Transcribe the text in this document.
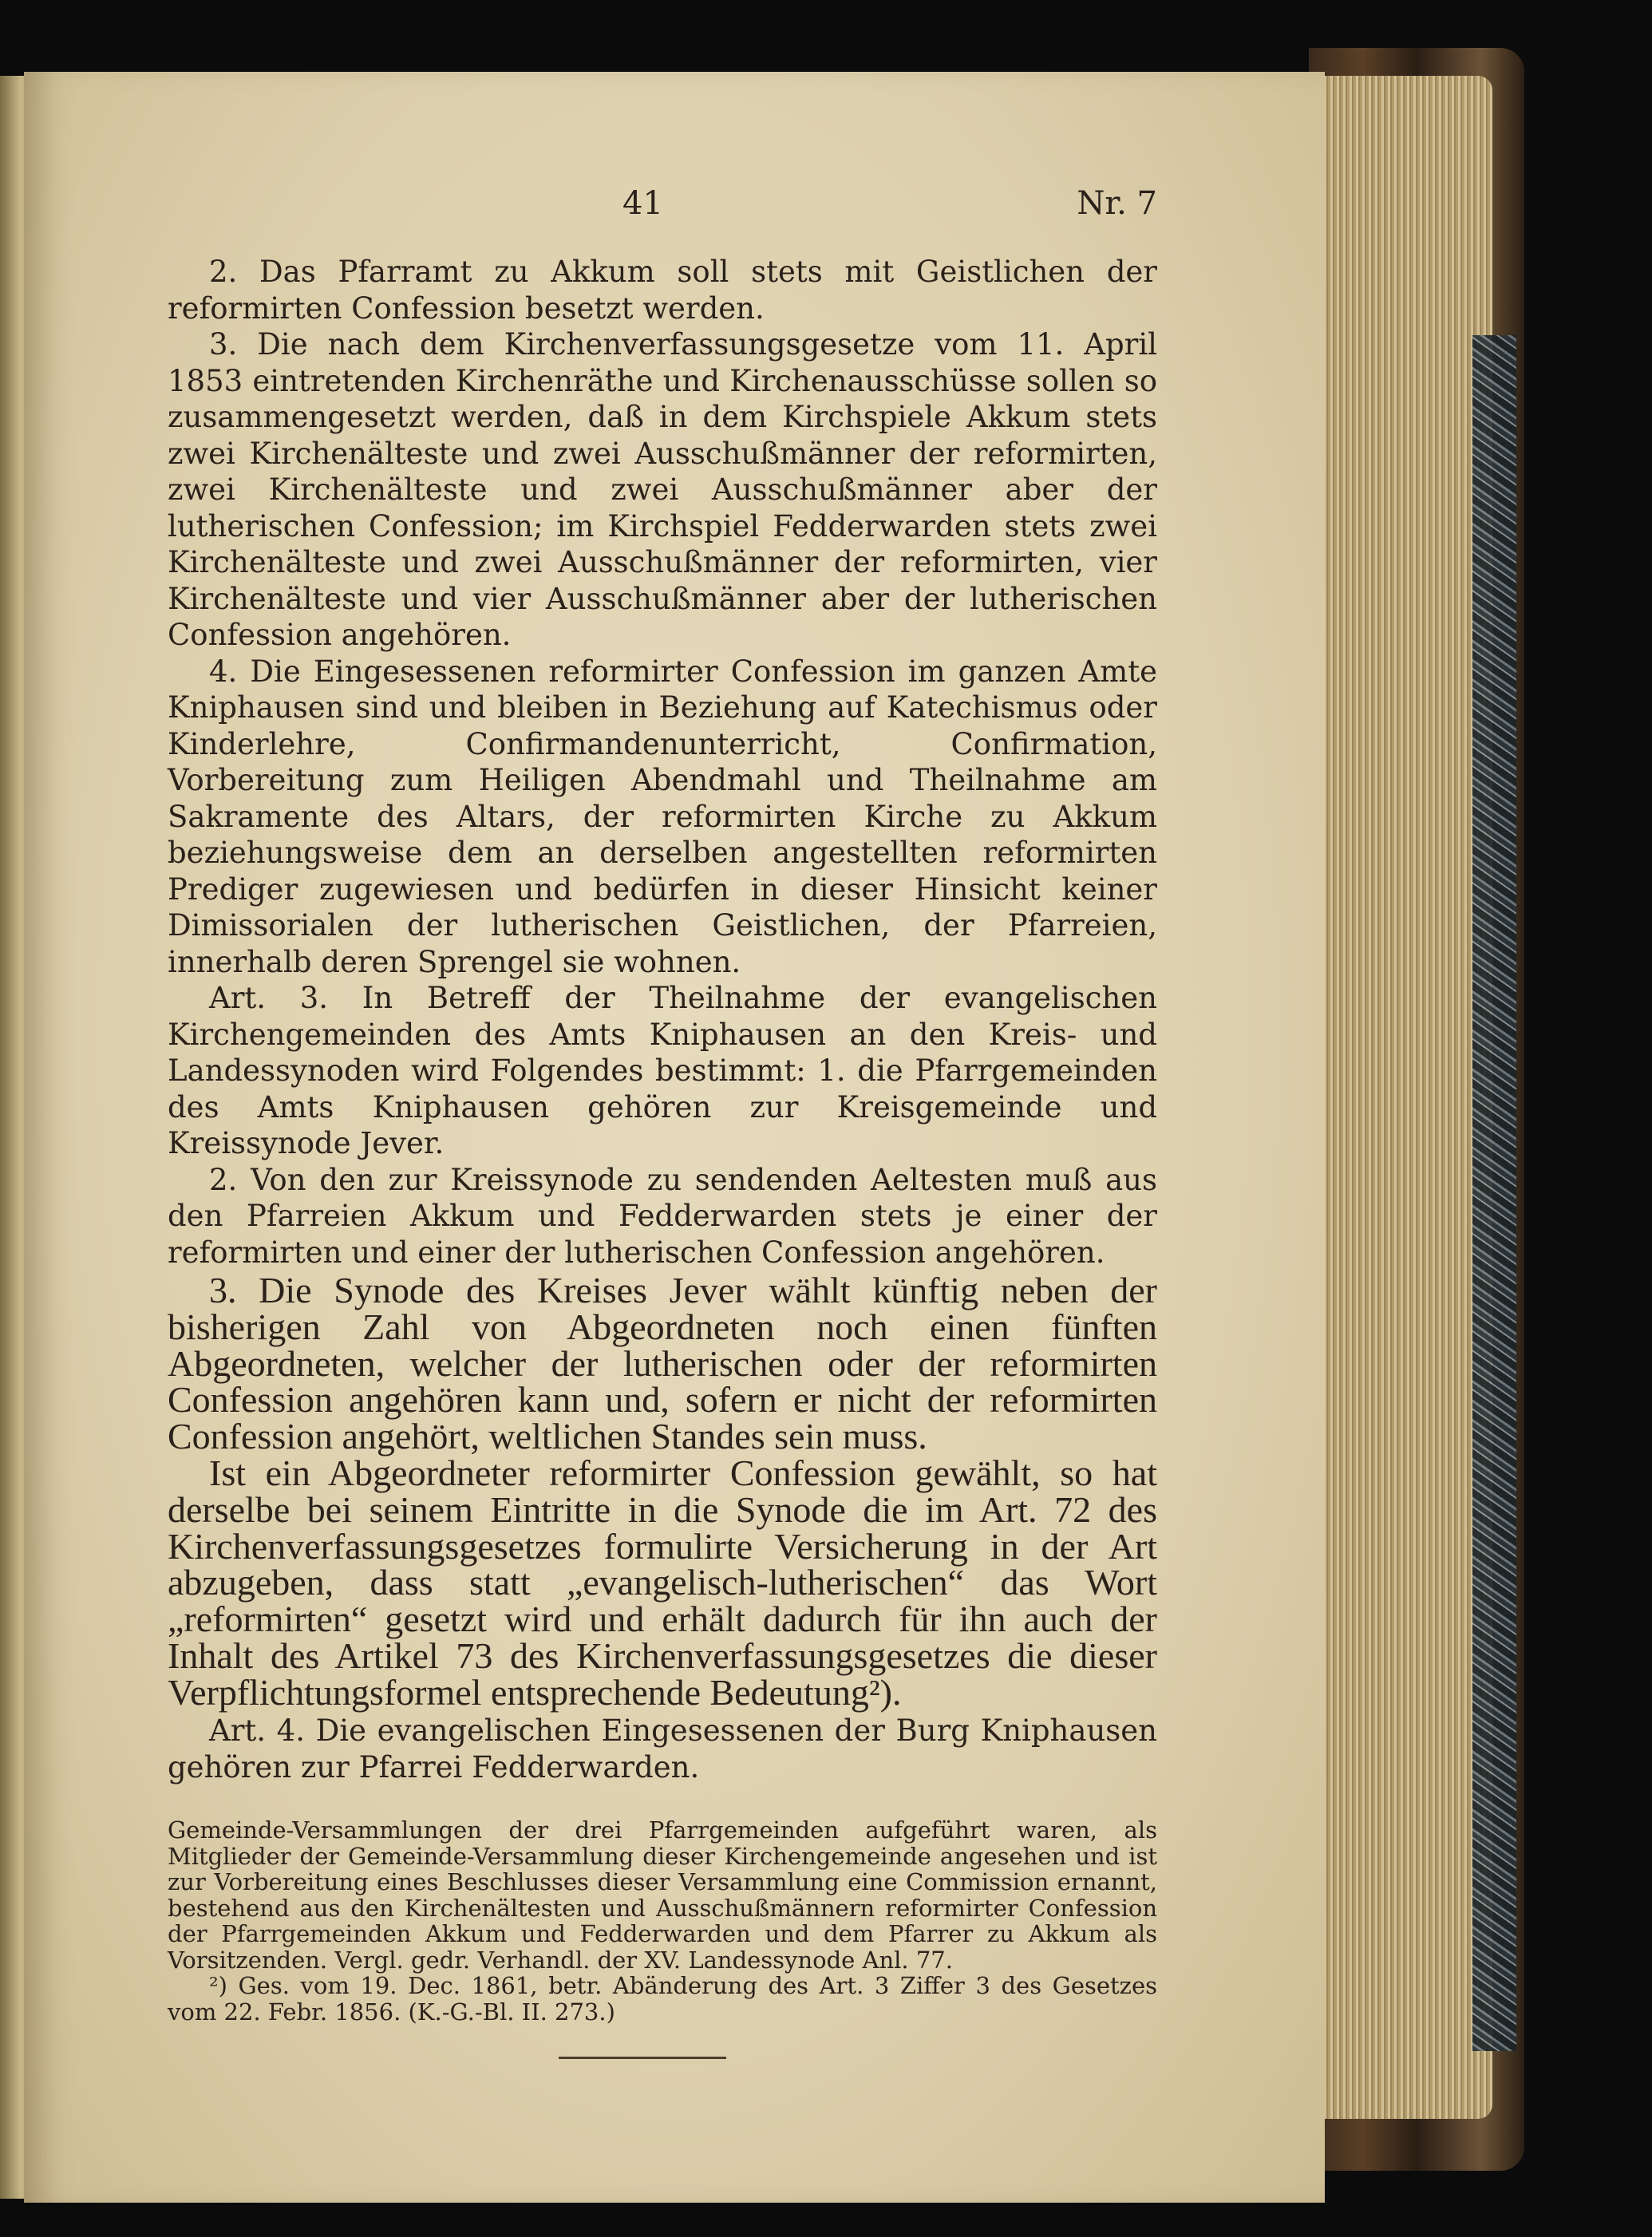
41	Nr. 7

2. Das Pfarramt zu Akkum soll stets mit Geistlichen der reformirten Confession besetzt werden.

3. Die nach dem Kirchenverfassungsgesetze vom 11. April 1853 eintretenden Kirchenräthe und Kirchenausschüsse sollen so zusammengesetzt werden, daß in dem Kirchspiele Akkum stets zwei Kirchenälteste und zwei Ausschußmänner der reformirten, zwei Kirchenälteste und zwei Ausschußmänner aber der lutherischen Confession; im Kirchspiel Fedderwarden stets zwei Kirchenälteste und zwei Ausschußmänner der reformirten, vier Kirchenälteste und vier Ausschußmänner aber der lutherischen Confession angehören.

4. Die Eingesessenen reformirter Confession im ganzen Amte Kniphausen sind und bleiben in Beziehung auf Katechismus oder Kinderlehre, Confirmandenunterricht, Confirmation, Vorbereitung zum Heiligen Abendmahl und Theilnahme am Sakramente des Altars, der reformirten Kirche zu Akkum beziehungsweise dem an derselben angestellten reformirten Prediger zugewiesen und bedürfen in dieser Hinsicht keiner Dimissorialen der lutherischen Geistlichen, der Pfarreien, innerhalb deren Sprengel sie wohnen.

Art. 3. In Betreff der Theilnahme der evangelischen Kirchengemeinden des Amts Kniphausen an den Kreis- und Landessynoden wird Folgendes bestimmt: 1. die Pfarrgemeinden des Amts Kniphausen gehören zur Kreisgemeinde und Kreissynode Jever.

2. Von den zur Kreissynode zu sendenden Aeltesten muß aus den Pfarreien Akkum und Fedderwarden stets je einer der reformirten und einer der lutherischen Confession angehören.

3. Die Synode des Kreises Jever wählt künftig neben der bisherigen Zahl von Abgeordneten noch einen fünften Abgeordneten, welcher der lutherischen oder der reformirten Confession angehören kann und, sofern er nicht der reformirten Confession angehört, weltlichen Standes sein muss.

Ist ein Abgeordneter reformirter Confession gewählt, so hat derselbe bei seinem Eintritte in die Synode die im Art. 72 des Kirchenverfassungsgesetzes formulirte Versicherung in der Art abzugeben, dass statt „evangelisch-lutherischen“ das Wort „reformirten“ gesetzt wird und erhält dadurch für ihn auch der Inhalt des Artikel 73 des Kirchenverfassungsgesetzes die dieser Verpflichtungsformel entsprechende Bedeutung²).

Art. 4. Die evangelischen Eingesessenen der Burg Kniphausen gehören zur Pfarrei Fedderwarden.

Gemeinde-Versammlungen der drei Pfarrgemeinden aufgeführt waren, als Mitglieder der Gemeinde-Versammlung dieser Kirchengemeinde angesehen und ist zur Vorbereitung eines Beschlusses dieser Versammlung eine Commission ernannt, bestehend aus den Kirchenältesten und Ausschußmännern reformirter Confession der Pfarrgemeinden Akkum und Fedderwarden und dem Pfarrer zu Akkum als Vorsitzenden. Vergl. gedr. Verhandl. der XV. Landessynode Anl. 77.

²) Ges. vom 19. Dec. 1861, betr. Abänderung des Art. 3 Ziffer 3 des Gesetzes vom 22. Febr. 1856. (K.-G.-Bl. II. 273.)
